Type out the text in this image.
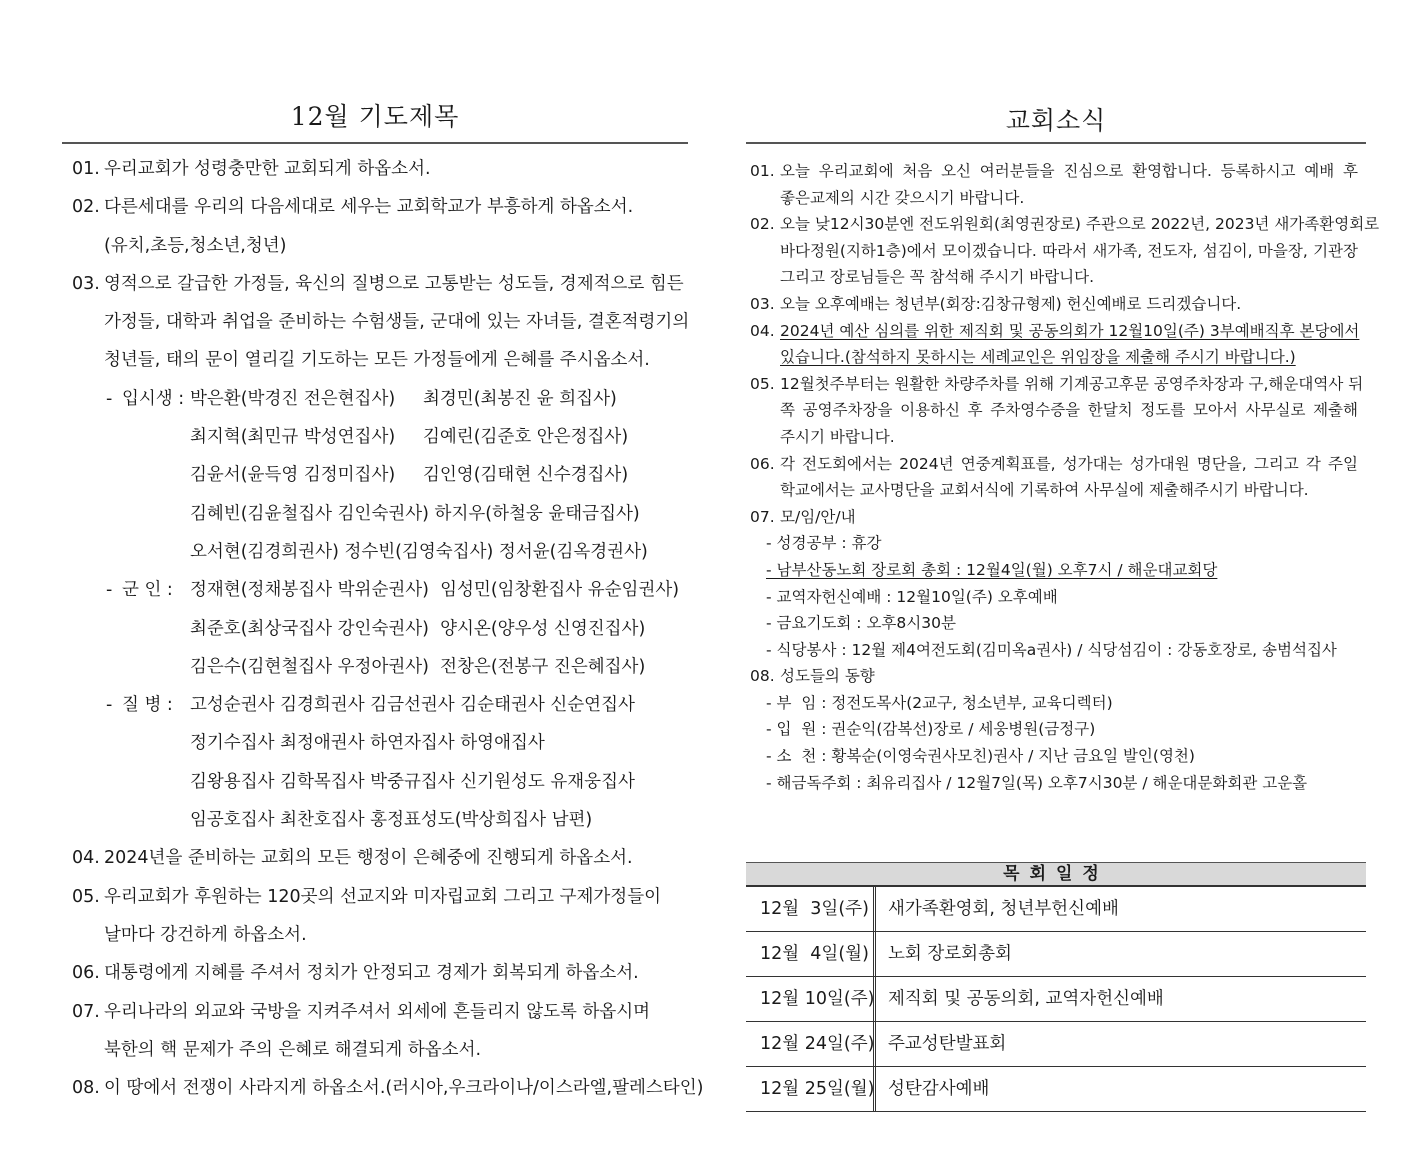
12월 기도제목
01. 우리교회가 성령충만한 교회되게 하옵소서.
02. 다른세대를 우리의 다음세대로 세우는 교회학교가 부흥하게 하옵소서.
(유치,초등,청소년,청년)
03. 영적으로 갈급한 가정들, 육신의 질병으로 고통받는 성도들, 경제적으로 힘든
가정들, 대학과 취업을 준비하는 수험생들, 군대에 있는 자녀들, 결혼적령기의
청년들, 태의 문이 열리길 기도하는 모든 가정들에게 은혜를 주시옵소서.
- 입시생 : 박은환(박경진 전은현집사)     최경민(최봉진 윤 희집사)
최지혁(최민규 박성연집사)     김예린(김준호 안은정집사)
김윤서(윤득영 김정미집사)     김인영(김태현 신수경집사)
김혜빈(김윤철집사 김인숙권사) 하지우(하철웅 윤태금집사)
오서현(김경희권사) 정수빈(김영숙집사) 정서윤(김옥경권사)
- 군 인 : 정재현(정채봉집사 박위순권사)  임성민(임창환집사 유순임권사)
최준호(최상국집사 강인숙권사)  양시온(양우성 신영진집사)
김은수(김현철집사 우정아권사)  전창은(전봉구 진은혜집사)
- 질 병 : 고성순권사 김경희권사 김금선권사 김순태권사 신순연집사
정기수집사 최정애권사 하연자집사 하영애집사
김왕용집사 김학목집사 박중규집사 신기원성도 유재웅집사
임공호집사 최찬호집사 홍정표성도(박상희집사 남편)
04. 2024년을 준비하는 교회의 모든 행정이 은혜중에 진행되게 하옵소서.
05. 우리교회가 후원하는 120곳의 선교지와 미자립교회 그리고 구제가정들이
날마다 강건하게 하옵소서.
06. 대통령에게 지혜를 주셔서 정치가 안정되고 경제가 회복되게 하옵소서.
07. 우리나라의 외교와 국방을 지켜주셔서 외세에 흔들리지 않도록 하옵시며
북한의 핵 문제가 주의 은혜로 해결되게 하옵소서.
08. 이 땅에서 전쟁이 사라지게 하옵소서.(러시아,우크라이나/이스라엘,팔레스타인)
교회소식
01. 오늘 우리교회에 처음 오신 여러분들을 진심으로 환영합니다. 등록하시고 예배 후
좋은교제의 시간 갖으시기 바랍니다.
02. 오늘 낮12시30분엔 전도위원회(최영권장로) 주관으로 2022년, 2023년 새가족환영회로
바다정원(지하1층)에서 모이겠습니다. 따라서 새가족, 전도자, 섬김이, 마을장, 기관장
그리고 장로님들은 꼭 참석해 주시기 바랍니다.
03. 오늘 오후예배는 청년부(회장:김창규형제) 헌신예배로 드리겠습니다.
04. 2024년 예산 심의를 위한 제직회 및 공동의회가 12월10일(주) 3부예배직후 본당에서
있습니다.(참석하지 못하시는 세례교인은 위임장을 제출해 주시기 바랍니다.)
05. 12월첫주부터는 원활한 차량주차를 위해 기계공고후문 공영주차장과 구,해운대역사 뒤
쪽 공영주차장을 이용하신 후 주차영수증을 한달치 정도를 모아서 사무실로 제출해
주시기 바랍니다.
06. 각 전도회에서는 2024년 연중계획표를, 성가대는 성가대원 명단을, 그리고 각 주일
학교에서는 교사명단을 교회서식에 기록하여 사무실에 제출해주시기 바랍니다.
07. 모/임/안/내
- 성경공부 : 휴강
- 남부산동노회 장로회 총회 : 12월4일(월) 오후7시 / 해운대교회당
- 교역자헌신예배 : 12월10일(주) 오후예배
- 금요기도회 : 오후8시30분
- 식당봉사 : 12월 제4여전도회(김미옥a권사) / 식당섬김이 : 강동호장로, 송범석집사
08. 성도들의 동향
- 부  임 : 정전도목사(2교구, 청소년부, 교육디렉터)
- 입  원 : 권순익(감복선)장로 / 세웅병원(금정구)
- 소  천 : 황복순(이영숙권사모친)권사 / 지난 금요일 발인(영천)
- 해금독주회 : 최유리집사 / 12월7일(목) 오후7시30분 / 해운대문화회관 고운홀
목회일정
12월  3일(주)	새가족환영회, 청년부헌신예배
12월  4일(월)	노회 장로회총회
12월 10일(주) 제직회 및 공동의회, 교역자헌신예배
12월 24일(주) 주교성탄발표회
12월 25일(월) 성탄감사예배
